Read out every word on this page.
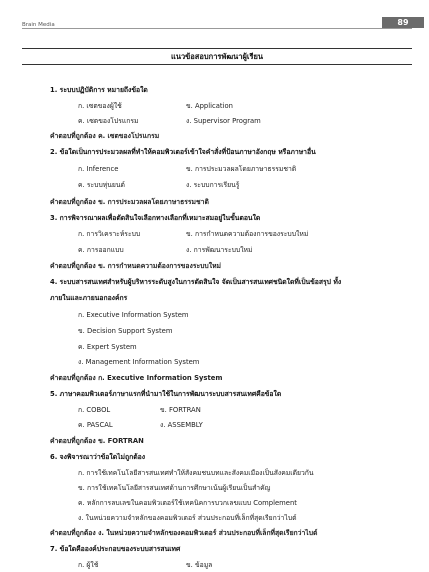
89
Brain Media
แนวข้อสอบการพัฒนาผู้เรียน
1. ระบบปฏิบัติการ หมายถึงข้อใด
ก. เซตของผู้ใช้	ข. Application
ค. เซตของโปรแกรม	ง. Supervisor Program
คำตอบที่ถูกต้อง ค. เซตของโปรแกรม
2. ข้อใดเป็นการประมวลผลที่ทำให้คอมพิวเตอร์เข้าใจคำสั่งที่ป้อนภาษาอังกฤษ หรือภาษาอื่น
ก. Inference	ข. การประมวลผลโดยภาษาธรรมชาติ
ค. ระบบหุ่นยนต์	ง. ระบบการเรียนรู้
คำตอบที่ถูกต้อง ข. การประมวลผลโดยภาษาธรรมชาติ
3. การพิจารณาผลเพื่อตัดสินใจเลือกทางเลือกที่เหมาะสมอยู่ในขั้นตอนใด
ก. การวิเคราะห์ระบบ	ข. การกำหนดความต้องการของระบบใหม่
ค. การออกแบบ	ง. การพัฒนาระบบใหม่
คำตอบที่ถูกต้อง ข. การกำหนดความต้องการของระบบใหม่
4. ระบบสารสนเทศสำหรับผู้บริหารระดับสูงในการตัดสินใจ จัดเป็นสารสนเทศชนิดใดที่เป็นข้อสรุป ทั้ง
ภายในและภายนอกองค์กร
ก. Executive Information System
ข. Decision Support System
ค. Expert System
ง. Management Information System
คำตอบที่ถูกต้อง ก. Executive Information System
5. ภาษาคอมพิวเตอร์ภาษาแรกที่นำมาใช้ในการพัฒนาระบบสารสนเทศคือข้อใด
ก. COBOL	ข. FORTRAN
ค. PASCAL	ง. ASSEMBLY
คำตอบที่ถูกต้อง ข. FORTRAN
6. จงพิจารณาว่าข้อใดไม่ถูกต้อง
ก. การใช้เทคโนโลยีสารสนเทศทำให้สังคมชนบทและสังคมเมืองเป็นสังคมเดียวกัน
ข. การใช้เทคโนโลยีสารสนเทศด้านการศึกษาเน้นผู้เรียนเป็นสำคัญ
ค. หลักการลบเลขในคอมพิวเตอร์ใช้เทคนิคการบวกเลขแบบ Complement
ง. ในหน่วยความจำหลักของคอมพิวเตอร์ ส่วนประกอบที่เล็กที่สุดเรียกว่าไบต์
คำตอบที่ถูกต้อง ง. ในหน่วยความจำหลักของคอมพิวเตอร์ ส่วนประกอบที่เล็กที่สุดเรียกว่าไบต์
7. ข้อใดคือองค์ประกอบของระบบสารสนเทศ
ก. ผู้ใช้	ข. ข้อมูล
